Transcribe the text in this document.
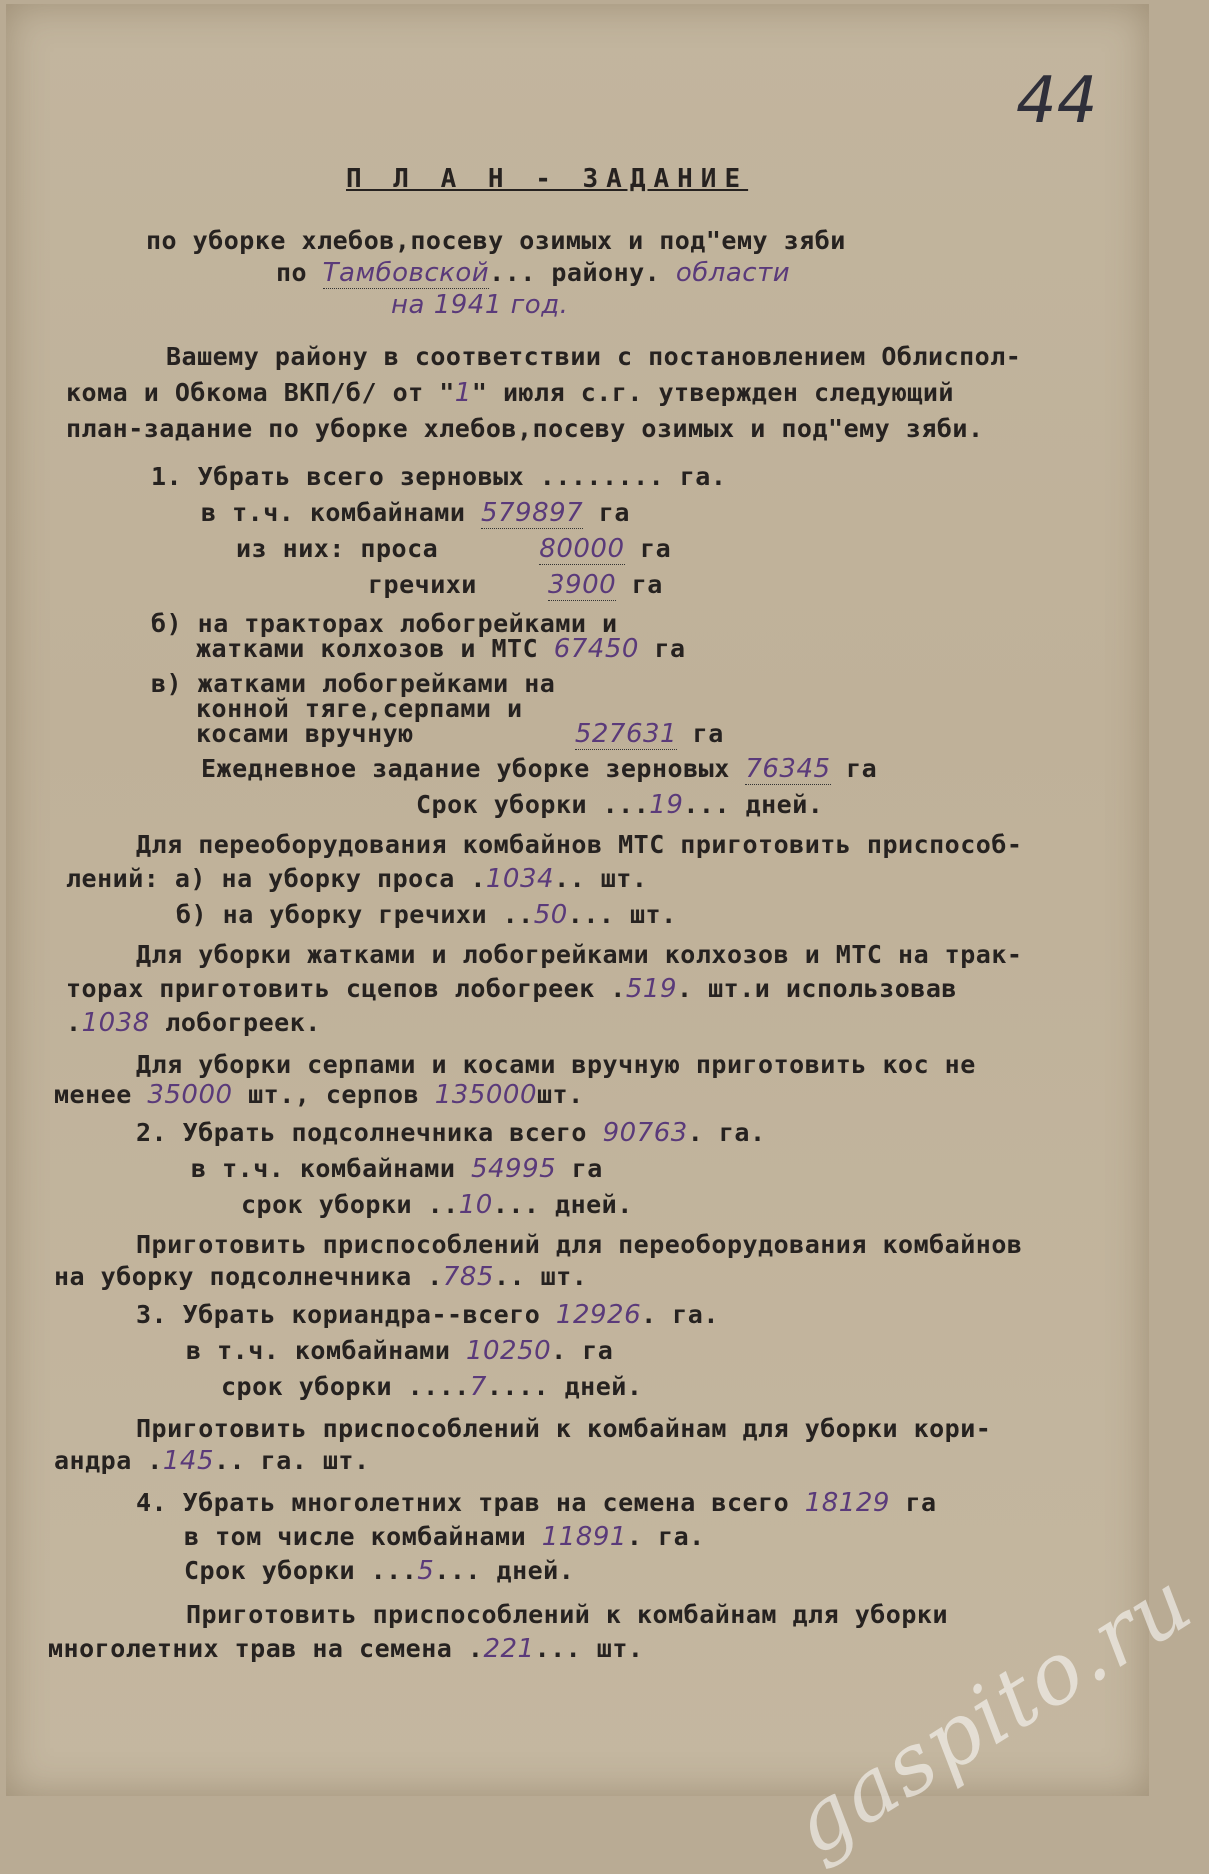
44
П Л А Н - ЗАДАНИЕ
по уборке хлебов,посеву озимых и под"ему зяби
по Тамбовской... району. области
на 1941 год.
Вашему району в соответствии с постановлением Облиспол-
кома и Обкома ВКП/б/ от "1" июля с.г. утвержден следующий
план-задание по уборке хлебов,посеву озимых и под"ему зяби.
1. Убрать всего зерновых ........ га.
в т.ч. комбайнами 579897 га
из них: проса	80000 га
гречихи	3900 га
б) на тракторах лобогрейками и
жатками колхозов и МТС 67450 га
в) жатками лобогрейками на
конной тяге,серпами и
косами вручную	527631 га
Ежедневное задание уборке зерновых 76345 га
Срок уборки ...19... дней.
Для переоборудования комбайнов МТС приготовить приспособ-
лений: а) на уборку проса .1034.. шт.
б) на уборку гречихи ..50... шт.
Для уборки жатками и лобогрейками колхозов и МТС на трак-
торах приготовить сцепов лобогреек .519. шт.и использовав
.1038 лобогреек.
Для уборки серпами и косами вручную приготовить кос не
менее 35000 шт., серпов 135000шт.
2. Убрать подсолнечника всего 90763. га.
в т.ч. комбайнами 54995 га
срок уборки ..10... дней.
Приготовить приспособлений для переоборудования комбайнов
на уборку подсолнечника .785.. шт.
3. Убрать кориандра--всего 12926. га.
в т.ч. комбайнами 10250. га
срок уборки ....7.... дней.
Приготовить приспособлений к комбайнам для уборки кори-
андра .145.. га. шт.
4. Убрать многолетних трав на семена всего 18129 га
в том числе комбайнами 11891. га.
Срок уборки ...5... дней.
Приготовить приспособлений к комбайнам для уборки
многолетних трав на семена .221... шт. gaspito.ru
